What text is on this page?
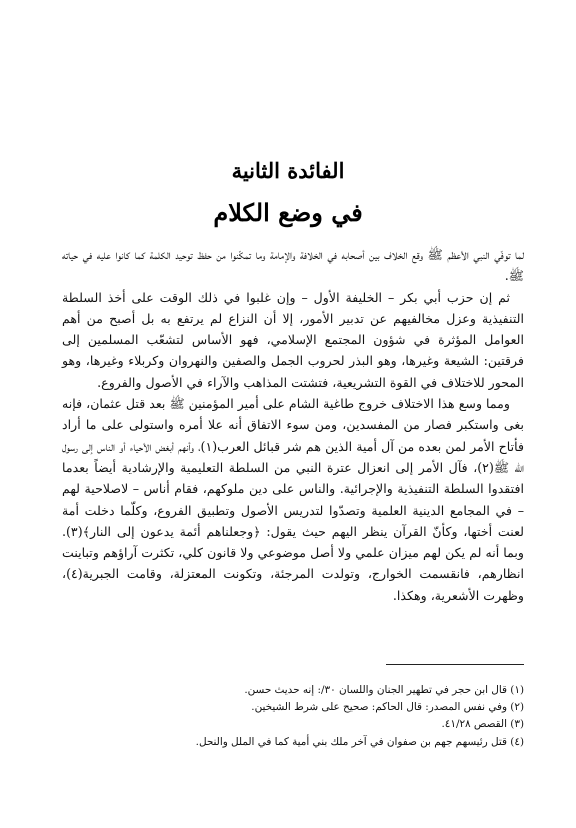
الفائدة الثانية
في وضع الكلام

لما توفّي النبي الأعظم ﷺ وقع الخلاف بين أصحابه في الخلافة والإمامة وما تمكّنوا من حفظ توحيد الكلمة كما كانوا عليه في حياته ﷺ.

ثم إن حزب أبي بكر – الخليفة الأول – وإن غلبوا في ذلك الوقت على أخذ السلطة التنفيذية وعزل مخالفيهم عن تدبير الأمور، إلا أن النزاع لم يرتفع به بل أصبح من أهم العوامل المؤثرة في شؤون المجتمع الإسلامي، فهو الأساس لتشعّب المسلمين إلى فرقتين: الشيعة وغيرها، وهو البذر لحروب الجمل والصفين والنهروان وكربلاء وغيرها، وهو المحور للاختلاف في القوة التشريعية، فتشتت المذاهب والآراء في الأصول والفروع.

ومما وسع هذا الاختلاف خروج طاغية الشام على أمير المؤمنين ﷺ بعد قتل عثمان، فإنه بغى واستكبر فصار من المفسدين، ومن سوء الاتفاق أنه علا أمره واستولى على ما أراد فأتاح الأمر لمن بعده من آل أمية الذين هم شر قبائل العرب(١)، وأنهم أبغض الأحياء أو الناس إلى رسول الله ﷺ(٢)، فآل الأمر إلى انعزال عترة النبي من السلطة التعليمية والإرشادية أيضاً بعدما افتقدوا السلطة التنفيذية والإجرائية. والناس على دين ملوكهم، فقام أناس – لاصلاحية لهم – في المجامع الدينية العلمية وتصدّوا لتدريس الأصول وتطبيق الفروع، وكلّما دخلت أمة لعنت أختها، وكأنّ القرآن ينظر اليهم حيث يقول: ﴿وجعلناهم أئمة يدعون إلى النار﴾(٣). وبما أنه لم يكن لهم ميزان علمي ولا أصل موضوعي ولا قانون كلي، تكثرت آراؤهم وتباينت انظارهم، فانقسمت الخوارج، وتولدت المرجئة، وتكونت المعتزلة، وقامت الجبرية(٤)، وظهرت الأشعرية، وهكذا.

(١) قال ابن حجر في تطهير الجنان واللسان ٣٠/: إنه حديث حسن.
(٢) وفي نفس المصدر: قال الحاكم: صحيح على شرط الشيخين.
(٣) القصص ٤١/٢٨.
(٤) قتل رئيسهم جهم بن صفوان في آخر ملك بني أمية كما في الملل والنحل.
